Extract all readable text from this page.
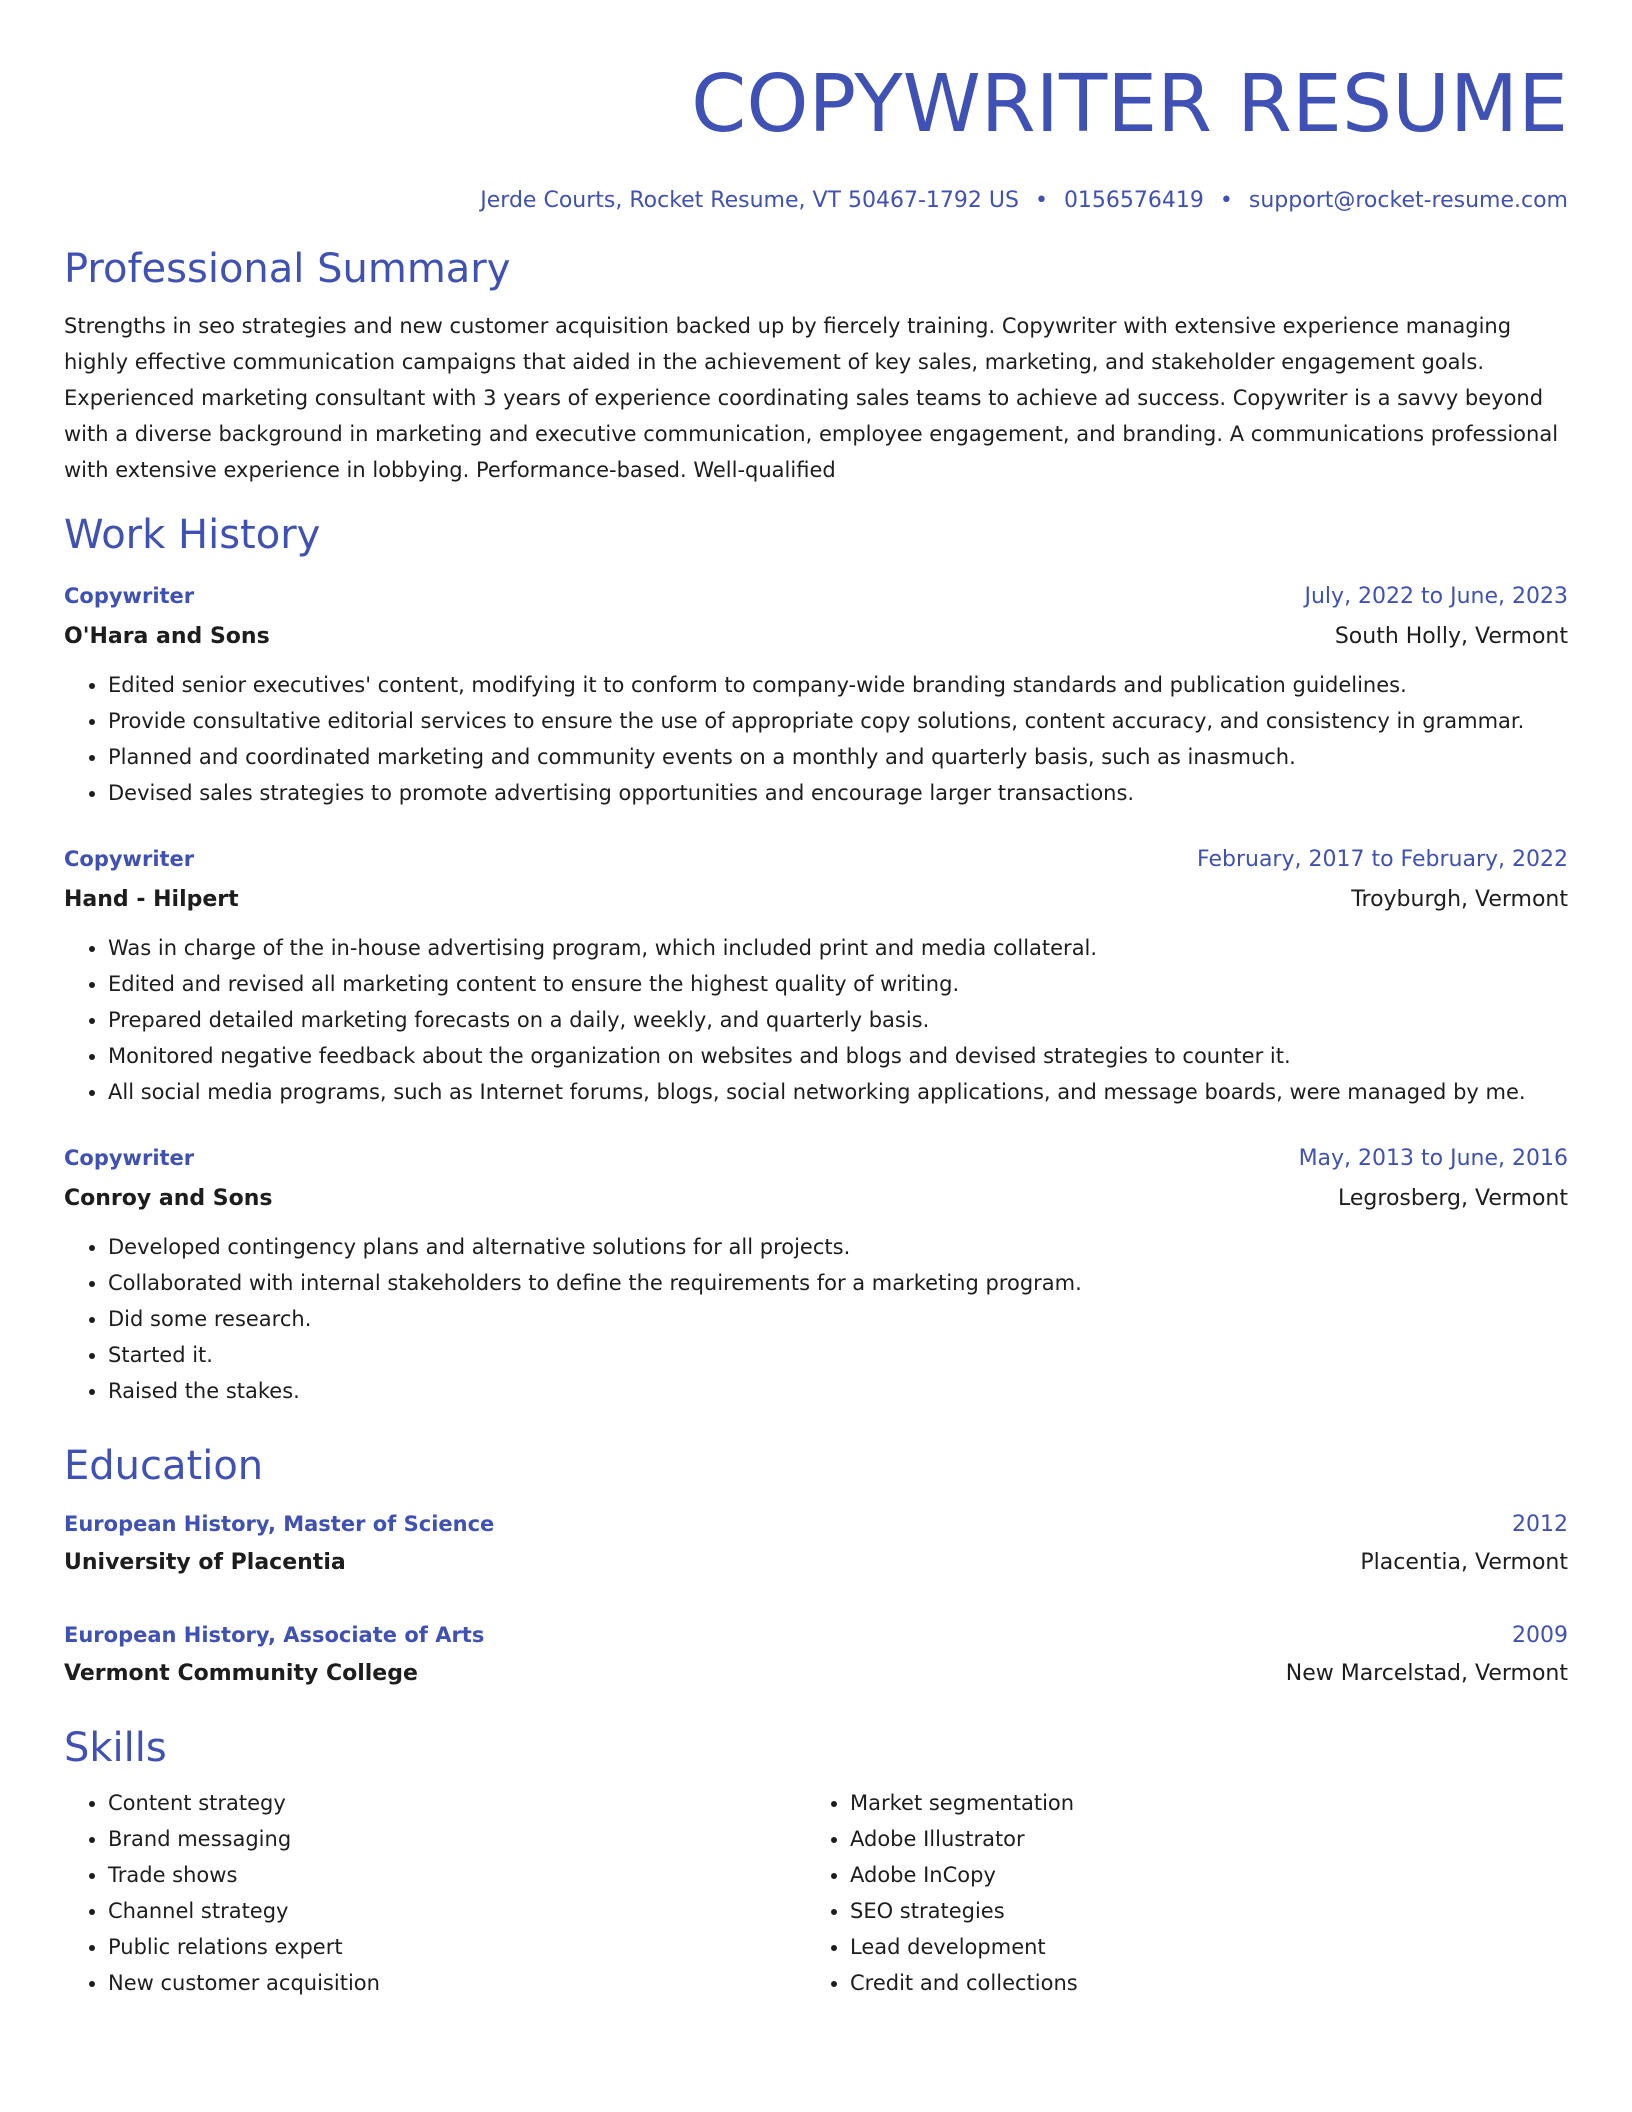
COPYWRITER RESUME
Jerde Courts, Rocket Resume, VT 50467-1792 US • 0156576419 • support@rocket-resume.com
Professional Summary

Strengths in seo strategies and new customer acquisition backed up by fiercely training. Copywriter with extensive experience managing highly effective communication campaigns that aided in the achievement of key sales, marketing, and stakeholder engagement goals. Experienced marketing consultant with 3 years of experience coordinating sales teams to achieve ad success. Copywriter is a savvy beyond with a diverse background in marketing and executive communication, employee engagement, and branding. A communications professional with extensive experience in lobbying. Performance-based. Well-qualified

Work History
Copywriter	July, 2022 to June, 2023
O'Hara and Sons	South Holly, Vermont
• Edited senior executives' content, modifying it to conform to company-wide branding standards and publication guidelines.
• Provide consultative editorial services to ensure the use of appropriate copy solutions, content accuracy, and consistency in grammar.
• Planned and coordinated marketing and community events on a monthly and quarterly basis, such as inasmuch.
• Devised sales strategies to promote advertising opportunities and encourage larger transactions.
Copywriter	February, 2017 to February, 2022
Hand - Hilpert	Troyburgh, Vermont
• Was in charge of the in-house advertising program, which included print and media collateral.
• Edited and revised all marketing content to ensure the highest quality of writing.
• Prepared detailed marketing forecasts on a daily, weekly, and quarterly basis.
• Monitored negative feedback about the organization on websites and blogs and devised strategies to counter it.
• All social media programs, such as Internet forums, blogs, social networking applications, and message boards, were managed by me.
Copywriter	May, 2013 to June, 2016
Conroy and Sons	Legrosberg, Vermont
• Developed contingency plans and alternative solutions for all projects.
• Collaborated with internal stakeholders to define the requirements for a marketing program.
• Did some research.
• Started it.
• Raised the stakes.
Education
European History, Master of Science	2012
University of Placentia	Placentia, Vermont
European History, Associate of Arts	2009
Vermont Community College	New Marcelstad, Vermont
Skills
• Content strategy
• Brand messaging
• Trade shows
• Channel strategy
• Public relations expert
• New customer acquisition
• Market segmentation
• Adobe Illustrator
• Adobe InCopy
• SEO strategies
• Lead development
• Credit and collections
